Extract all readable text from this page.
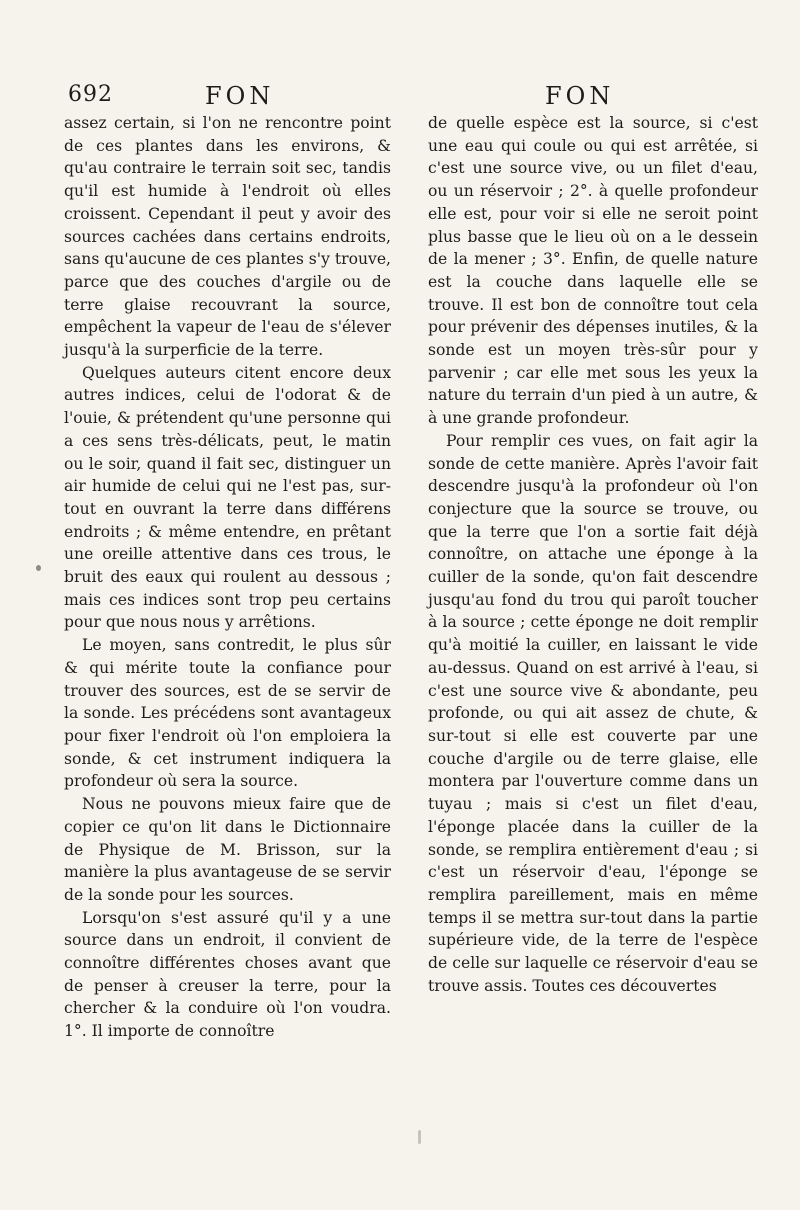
692	FON	FON

assez certain, si l'on ne rencontre point de ces plantes dans les environs, & qu'au contraire le terrain soit sec, tandis qu'il est humide à l'endroit où elles croissent. Cependant il peut y avoir des sources cachées dans certains endroits, sans qu'aucune de ces plantes s'y trouve, parce que des couches d'argile ou de terre glaise recouvrant la source, empêchent la vapeur de l'eau de s'élever jusqu'à la surperficie de la terre.

Quelques auteurs citent encore deux autres indices, celui de l'odorat & de l'ouie, & prétendent qu'une personne qui a ces sens très-délicats, peut, le matin ou le soir, quand il fait sec, distinguer un air humide de celui qui ne l'est pas, sur-tout en ouvrant la terre dans différens endroits ; & même entendre, en prêtant une oreille attentive dans ces trous, le bruit des eaux qui roulent au dessous ; mais ces indices sont trop peu certains pour que nous nous y arrêtions.

Le moyen, sans contredit, le plus sûr & qui mérite toute la confiance pour trouver des sources, est de se servir de la sonde. Les précédens sont avantageux pour fixer l'endroit où l'on emploiera la sonde, & cet instrument indiquera la profondeur où sera la source.

Nous ne pouvons mieux faire que de copier ce qu'on lit dans le Dictionnaire de Physique de M. Brisson, sur la manière la plus avantageuse de se servir de la sonde pour les sources.

Lorsqu'on s'est assuré qu'il y a une source dans un endroit, il convient de connoître différentes choses avant que de penser à creuser la terre, pour la chercher & la conduire où l'on voudra. 1°. Il importe de connoître

de quelle espèce est la source, si c'est une eau qui coule ou qui est arrêtée, si c'est une source vive, ou un filet d'eau, ou un réservoir ; 2°. à quelle profondeur elle est, pour voir si elle ne seroit point plus basse que le lieu où on a le dessein de la mener ; 3°. Enfin, de quelle nature est la couche dans laquelle elle se trouve. Il est bon de connoître tout cela pour prévenir des dépenses inutiles, & la sonde est un moyen très-sûr pour y parvenir ; car elle met sous les yeux la nature du terrain d'un pied à un autre, & à une grande profondeur.

Pour remplir ces vues, on fait agir la sonde de cette manière. Après l'avoir fait descendre jusqu'à la profondeur où l'on conjecture que la source se trouve, ou que la terre que l'on a sortie fait déjà connoître, on attache une éponge à la cuiller de la sonde, qu'on fait descendre jusqu'au fond du trou qui paroît toucher à la source ; cette éponge ne doit remplir qu'à moitié la cuiller, en laissant le vide au-dessus. Quand on est arrivé à l'eau, si c'est une source vive & abondante, peu profonde, ou qui ait assez de chute, & sur-tout si elle est couverte par une couche d'argile ou de terre glaise, elle montera par l'ouverture comme dans un tuyau ; mais si c'est un filet d'eau, l'éponge placée dans la cuiller de la sonde, se remplira entièrement d'eau ; si c'est un réservoir d'eau, l'éponge se remplira pareillement, mais en même temps il se mettra sur-tout dans la partie supérieure vide, de la terre de l'espèce de celle sur laquelle ce réservoir d'eau se trouve assis. Toutes ces découvertes
